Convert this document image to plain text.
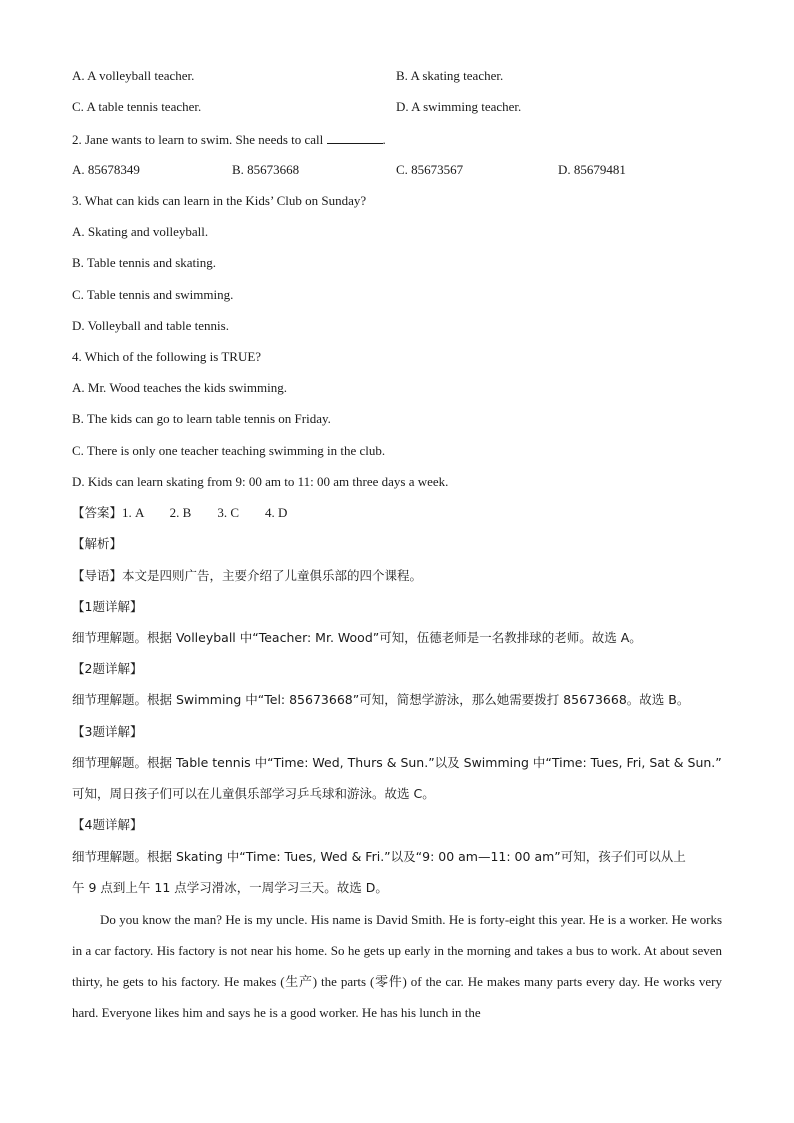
A. A volleyball teacher.	B. A skating teacher.
C. A table tennis teacher.	D. A swimming teacher.
2. Jane wants to learn to swim. She needs to call	.
A. 85678349	B. 85673668	C. 85673567	D. 85679481
3. What can kids can learn in the Kids’ Club on Sunday?
A. Skating and volleyball.
B. Table tennis and skating.
C. Table tennis and swimming.
D. Volleyball and table tennis.
4. Which of the following is TRUE?
A. Mr. Wood teaches the kids swimming.
B. The kids can go to learn table tennis on Friday.
C. There is only one teacher teaching swimming in the club.
D. Kids can learn skating from 9: 00 am to 11: 00 am three days a week.
【答案】1. A        2. B        3. C        4. D
【解析】
【导语】本文是四则广告，主要介绍了儿童俱乐部的四个课程。
【1题详解】
细节理解题。根据 Volleyball 中“Teacher: Mr. Wood”可知，伍德老师是一名教排球的老师。故选 A。
【2题详解】
细节理解题。根据 Swimming 中“Tel: 85673668”可知，简想学游泳，那么她需要拨打 85673668。故选 B。
【3题详解】
细节理解题。根据 Table tennis 中“Time: Wed, Thurs & Sun.”以及 Swimming 中“Time: Tues, Fri, Sat & Sun.”
可知，周日孩子们可以在儿童俱乐部学习乒乓球和游泳。故选 C。
【4题详解】
细节理解题。根据 Skating 中“Time: Tues, Wed & Fri.”以及“9: 00 am—11: 00 am”可知，孩子们可以从上
午 9 点到上午 11 点学习滑冰，一周学习三天。故选 D。

Do you know the man? He is my uncle. His name is David Smith. He is forty-eight this year. He is a worker. He works in a car factory. His factory is not near his home. So he gets up early in the morning and takes a bus to work. At about seven thirty, he gets to his factory. He makes (生产) the parts (零件) of the car. He makes many parts every day. He works very hard. Everyone likes him and says he is a good worker. He has his lunch in the
